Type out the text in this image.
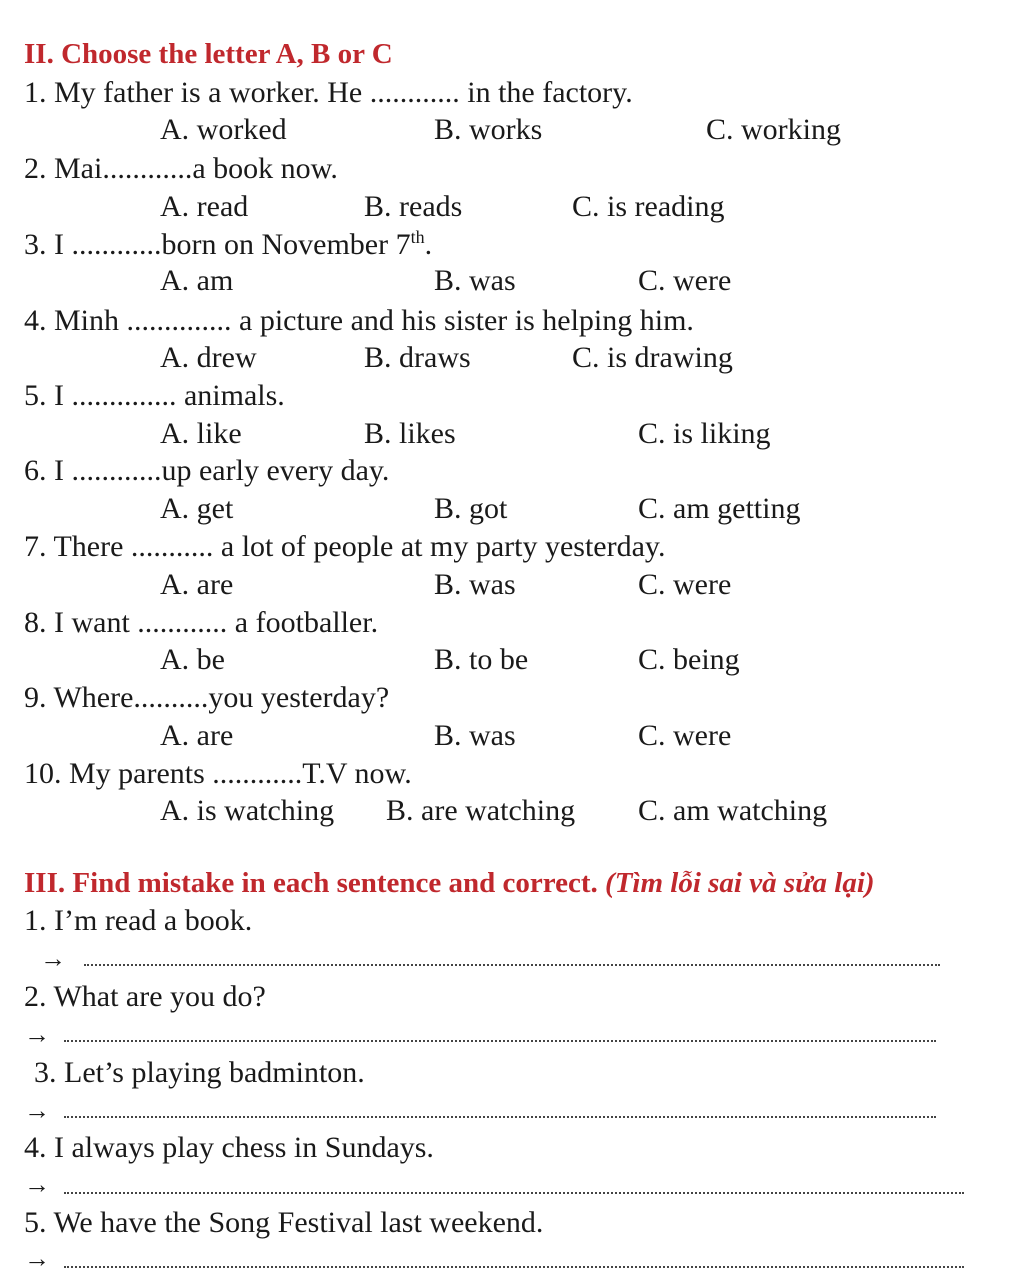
II. Choose the letter A, B or C
1. My father is a worker. He ............ in the factory.
A. worked	B. works	C. working
2. Mai............a book now.
A. read	B. reads	C. is reading
3. I ............born on November 7th.
A. am	B. was	C. were
4. Minh .............. a picture and his sister is helping him.
A. drew	B. draws	C. is drawing
5. I .............. animals.
A. like	B. likes	C. is liking
6. I ............up early every day.
A. get	B. got	C. am getting
7. There ........... a lot of people at my party yesterday.
A. are	B. was	C. were
8. I want ............ a footballer.
A. be	B. to be	C. being
9. Where..........you yesterday?
A. are	B. was	C. were
10. My parents ............T.V now.
A. is watching B. are watching C. am watching
III. Find mistake in each sentence and correct. (Tìm lỗi sai và sửa lại)
1. I’m read a book.
→
2. What are you do?
→
3. Let’s playing badminton.
→
4. I always play chess in Sundays.
→
5. We have the Song Festival last weekend.
→
